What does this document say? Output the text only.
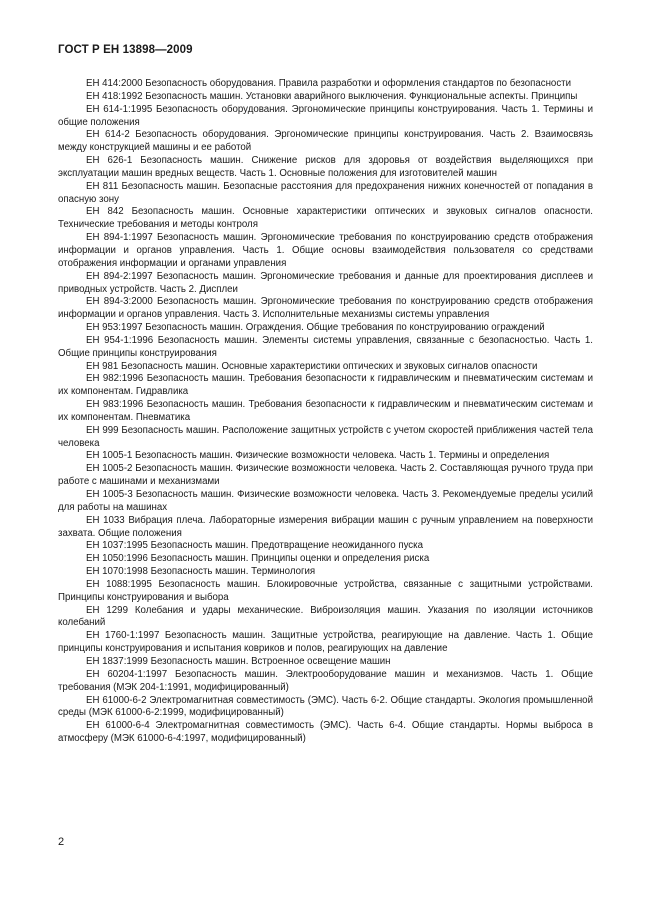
ГОСТ Р ЕН 13898—2009

ЕН 414:2000 Безопасность оборудования. Правила разработки и оформления стандартов по безопасности

ЕН 418:1992 Безопасность машин. Установки аварийного выключения. Функциональные аспекты. Принципы

ЕН 614-1:1995 Безопасность оборудования. Эргономические принципы конструирования. Часть 1. Термины и общие положения

ЕН 614-2 Безопасность оборудования. Эргономические принципы конструирования. Часть 2. Взаимосвязь между конструкцией машины и ее работой

ЕН 626-1 Безопасность машин. Снижение рисков для здоровья от воздействия выделяющихся при эксплуатации машин вредных веществ. Часть 1. Основные положения для изготовителей машин

ЕН 811 Безопасность машин. Безопасные расстояния для предохранения нижних конечностей от попадания в опасную зону

ЕН 842 Безопасность машин. Основные характеристики оптических и звуковых сигналов опасности. Технические требования и методы контроля

ЕН 894-1:1997 Безопасность машин. Эргономические требования по конструированию средств отображения информации и органов управления. Часть 1. Общие основы взаимодействия пользователя со средствами отображения информации и органами управления

ЕН 894-2:1997 Безопасность машин. Эргономические требования и данные для проектирования дисплеев и приводных устройств. Часть 2. Дисплеи

ЕН 894-3:2000 Безопасность машин. Эргономические требования по конструированию средств отображения информации и органов управления. Часть 3. Исполнительные механизмы системы управления

ЕН 953:1997 Безопасность машин. Ограждения. Общие требования по конструированию ограждений

ЕН 954-1:1996 Безопасность машин. Элементы системы управления, связанные с безопасностью. Часть 1. Общие принципы конструирования

ЕН 981 Безопасность машин. Основные характеристики оптических и звуковых сигналов опасности

ЕН 982:1996 Безопасность машин. Требования безопасности к гидравлическим и пневматическим системам и их компонентам. Гидравлика

ЕН 983:1996 Безопасность машин. Требования безопасности к гидравлическим и пневматическим системам и их компонентам. Пневматика

ЕН 999 Безопасность машин. Расположение защитных устройств с учетом скоростей приближения частей тела человека

ЕН 1005-1 Безопасность машин. Физические возможности человека. Часть 1. Термины и определения

ЕН 1005-2 Безопасность машин. Физические возможности человека. Часть 2. Составляющая ручного труда при работе с машинами и механизмами

ЕН 1005-3 Безопасность машин. Физические возможности человека. Часть 3. Рекомендуемые пределы усилий для работы на машинах

ЕН 1033 Вибрация плеча. Лабораторные измерения вибрации машин с ручным управлением на поверхности захвата. Общие положения

ЕН 1037:1995 Безопасность машин. Предотвращение неожиданного пуска

ЕН 1050:1996 Безопасность машин. Принципы оценки и определения риска

ЕН 1070:1998 Безопасность машин. Терминология

ЕН 1088:1995 Безопасность машин. Блокировочные устройства, связанные с защитными устройствами. Принципы конструирования и выбора

ЕН 1299 Колебания и удары механические. Виброизоляция машин. Указания по изоляции источников колебаний

ЕН 1760-1:1997 Безопасность машин. Защитные устройства, реагирующие на давление. Часть 1. Общие принципы конструирования и испытания ковриков и полов, реагирующих на давление

ЕН 1837:1999 Безопасность машин. Встроенное освещение машин

ЕН 60204-1:1997 Безопасность машин. Электрооборудование машин и механизмов. Часть 1. Общие требования (МЭК 204-1:1991, модифицированный)

ЕН 61000-6-2 Электромагнитная совместимость (ЭМС). Часть 6-2. Общие стандарты. Экология промышленной среды (МЭК 61000-6-2:1999, модифицированный)

ЕН 61000-6-4 Электромагнитная совместимость (ЭМС). Часть 6-4. Общие стандарты. Нормы выброса в атмосферу (МЭК 61000-6-4:1997, модифицированный)

2
